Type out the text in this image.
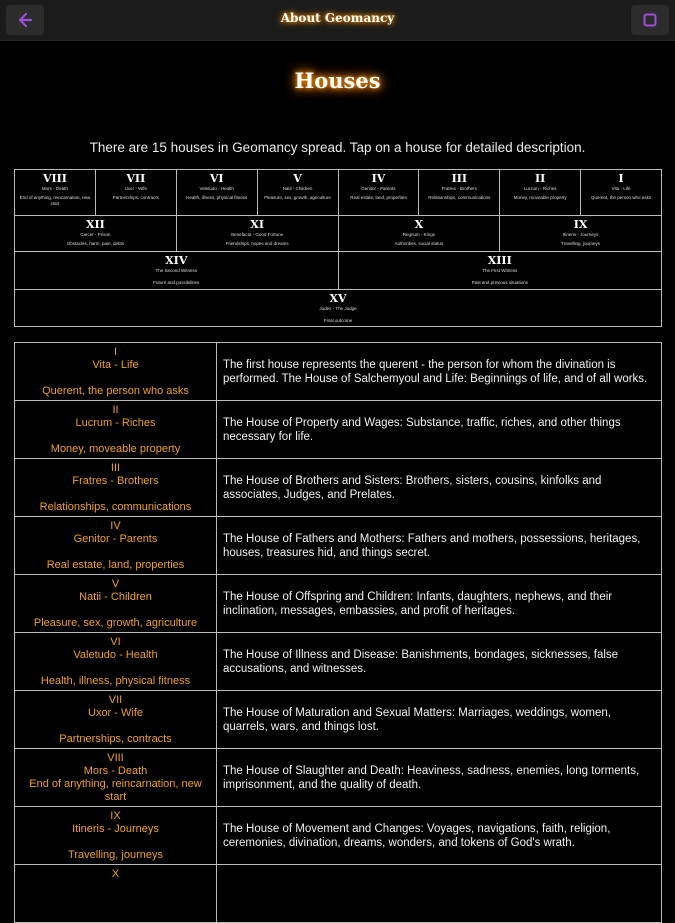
About Geomancy
Houses
There are 15 houses in Geomancy spread. Tap on a house for detailed description.
VIII
Mors - Death
End of anything, reincarnation, new start
VII
Uxor - Wife
Partnerships, contracts
VI
Valetudo - Health
Health, illness, physical fitness
V
Natii - Children
Pleasure, sex, growth, agriculture
IV
Genitor - Parents
Real estate, land, properties
III
Fratres - Brothers
Relationships, communications
II
Lucrum - Riches
Money, moveable property
I
Vita - Life
Querent, the person who asks
XII
Carcer - Prison
Obstacles, harm, pain, debts
XI
Benefacta - Good Fortune
Friendships, hopes and dreams
X
Regnum - Kings
Authorities, social status
IX
Itineris - Journeys
Travelling, journeys
XIV
The Second Witness
Future and possibilities
XIII
The First Witness
Past and previous situations
XV
Judex - The Judge
Final outcome
I
Vita - Life
Querent, the person who asks
The first house represents the querent - the person for whom the divination is performed. The House of Salchemyoul and Life: Beginnings of life, and of all works.
II
Lucrum - Riches
Money, moveable property
The House of Property and Wages: Substance, traffic, riches, and other things necessary for life.
III
Fratres - Brothers
Relationships, communications
The House of Brothers and Sisters: Brothers, sisters, cousins, kinfolks and associates, Judges, and Prelates.
IV
Genitor - Parents
Real estate, land, properties
The House of Fathers and Mothers: Fathers and mothers, possessions, heritages, houses, treasures hid, and things secret.
V
Natii - Children
Pleasure, sex, growth, agriculture
The House of Offspring and Children: Infants, daughters, nephews, and their inclination, messages, embassies, and profit of heritages.
VI
Valetudo - Health
Health, illness, physical fitness
The House of Illness and Disease: Banishments, bondages, sicknesses, false accusations, and witnesses.
VII
Uxor - Wife
Partnerships, contracts
The House of Maturation and Sexual Matters: Marriages, weddings, women, quarrels, wars, and things lost.
VIII
Mors - Death
End of anything, reincarnation, new start
The House of Slaughter and Death: Heaviness, sadness, enemies, long torments, imprisonment, and the quality of death.
IX
Itineris - Journeys
Travelling, journeys
The House of Movement and Changes: Voyages, navigations, faith, religion, ceremonies, divination, dreams, wonders, and tokens of God's wrath.
X
